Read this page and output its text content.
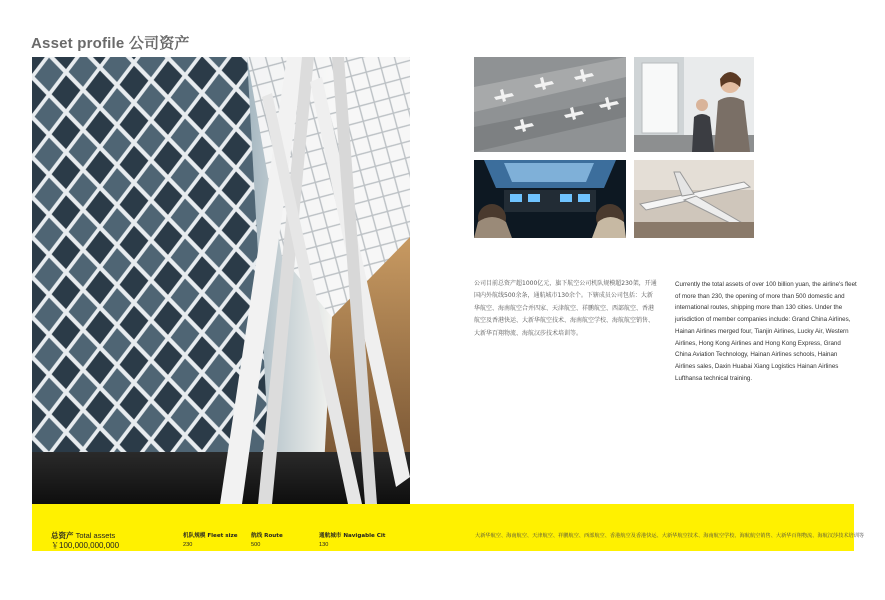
Asset profile 公司资产
公司目前总资产超1000亿元，旗下航空公司机队规模超230架，开通国内外航线500余条，通航城市130余个。下辖成员公司包括：大新华航空、海南航空合并四家、天津航空、祥鹏航空、西部航空、香港航空及香港快运、大新华航空技术、海南航空学校、海航航空销售、大新华百翔物流、海航汉莎技术培训等。
Currently the total assets of over 100 billion yuan, the airline's fleet of more than 230, the opening of more than 500 domestic and international routes, shipping more than 130 cities. Under the jurisdiction of member companies include: Grand China Airlines, Hainan Airlines merged four, Tianjin Airlines, Lucky Air, Western Airlines, Hong Kong Airlines and Hong Kong Express, Grand China Aviation Technology, Hainan Airlines schools, Hainan Airlines sales, Daxin Huabai Xiang Logistics Hainan Airlines Lufthansa technical training.
总资产 Total assets
￥100,000,000,000
机队规模 Fleet size
230
航线 Route
500
通航城市 Navigable Cit
130
大新华航空、海南航空、天津航空、祥鹏航空、西部航空、香港航空及香港快运、大新华航空技术、海南航空学校、海航航空销售、大新华百翔物流、海航汉莎技术培训等
